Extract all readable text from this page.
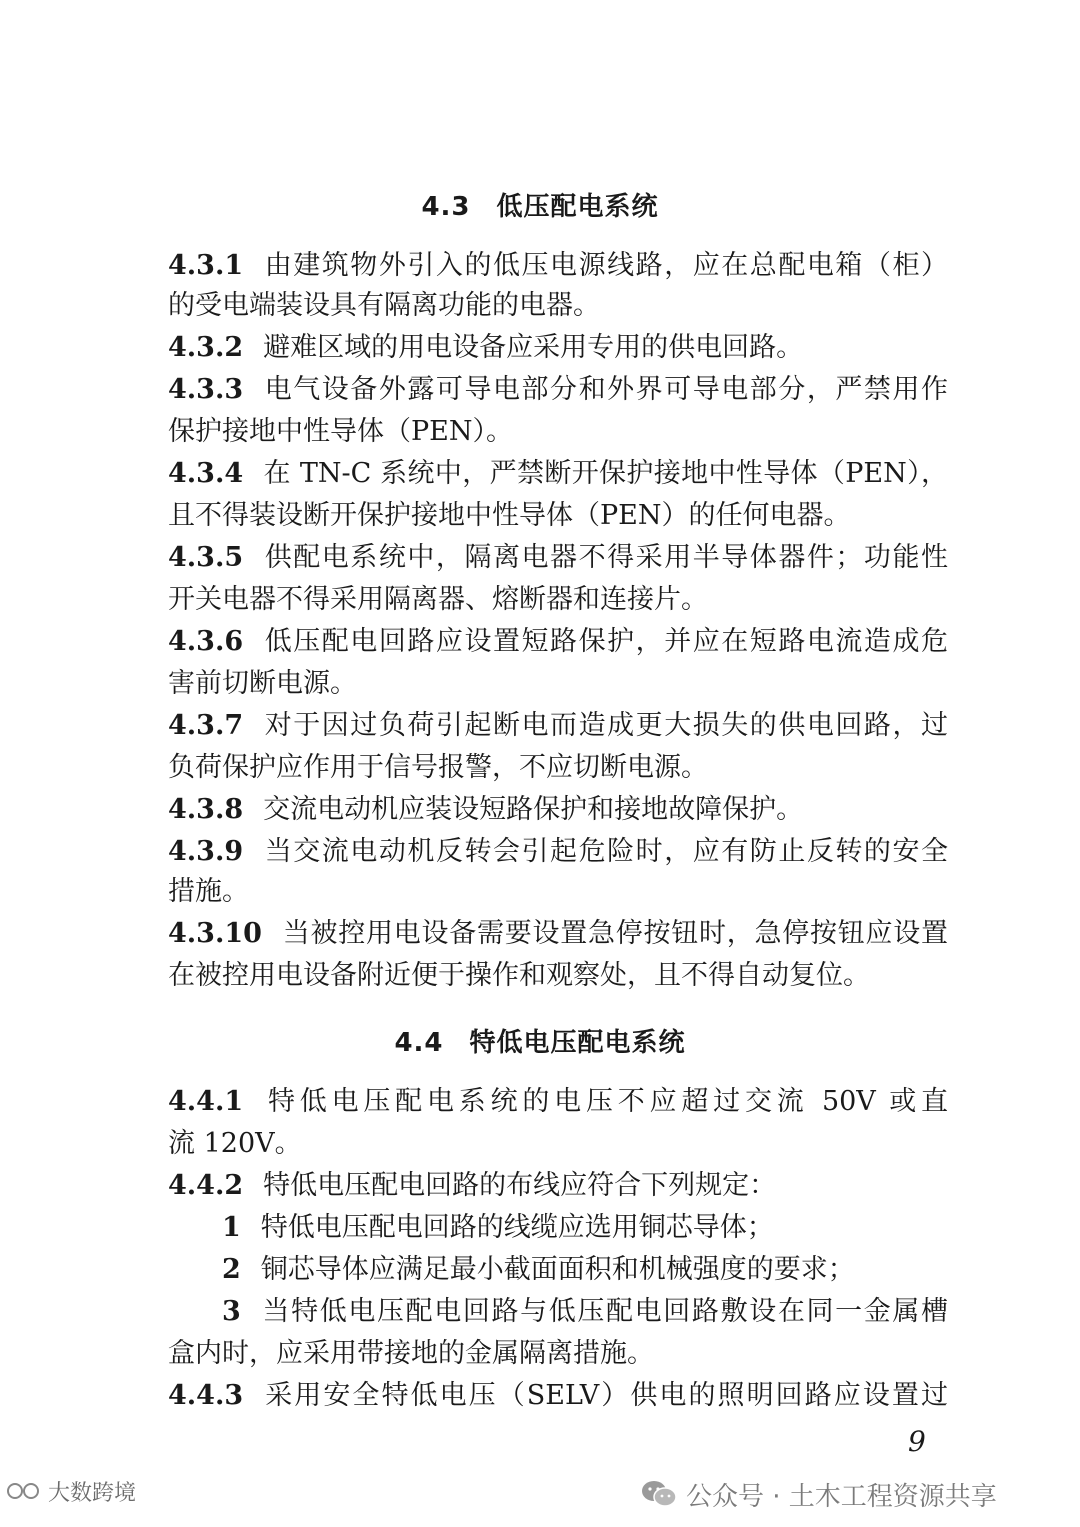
4.3 低压配电系统
4.3.1 由建筑物外引入的低压电源线路，应在总配电箱（柜）
的受电端装设具有隔离功能的电器。
4.3.2 避难区域的用电设备应采用专用的供电回路。
4.3.3 电气设备外露可导电部分和外界可导电部分，严禁用作
保护接地中性导体（PEN）。
4.3.4 在 TN-C 系统中，严禁断开保护接地中性导体（PEN），
且不得装设断开保护接地中性导体（PEN）的任何电器。
4.3.5 供配电系统中，隔离电器不得采用半导体器件；功能性
开关电器不得采用隔离器、熔断器和连接片。
4.3.6 低压配电回路应设置短路保护，并应在短路电流造成危
害前切断电源。
4.3.7 对于因过负荷引起断电而造成更大损失的供电回路，过
负荷保护应作用于信号报警，不应切断电源。
4.3.8 交流电动机应装设短路保护和接地故障保护。
4.3.9 当交流电动机反转会引起危险时，应有防止反转的安全
措施。
4.3.10 当被控用电设备需要设置急停按钮时，急停按钮应设置
在被控用电设备附近便于操作和观察处，且不得自动复位。
4.4 特低电压配电系统
4.4.1 特低电压配电系统的电压不应超过交流 50V 或直
流 120V。
4.4.2 特低电压配电回路的布线应符合下列规定：
1 特低电压配电回路的线缆应选用铜芯导体；
2 铜芯导体应满足最小截面面积和机械强度的要求；
3 当特低电压配电回路与低压配电回路敷设在同一金属槽
盒内时，应采用带接地的金属隔离措施。
4.4.3 采用安全特低电压（SELV）供电的照明回路应设置过
9
大数跨境	公众号 · 土木工程资源共享
